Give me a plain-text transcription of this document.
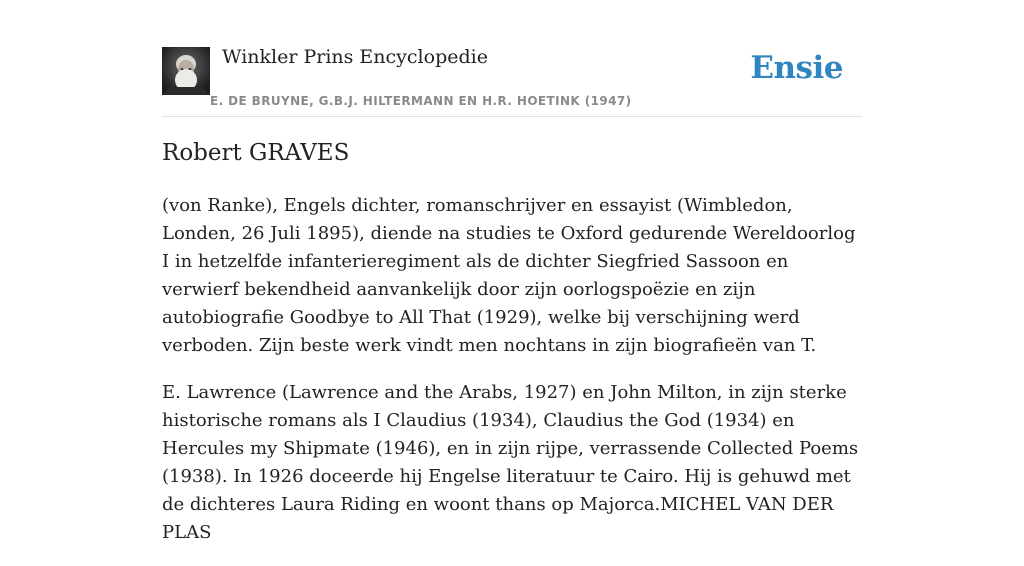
Winkler Prins Encyclopedie
E. DE BRUYNE, G.B.J. HILTERMANN EN H.R. HOETINK (1947)
Ensie
Robert GRAVES

(von Ranke), Engels dichter, romanschrijver en essayist (Wimbledon, Londen, 26 Juli 1895), diende na studies te Oxford gedurende Wereldoorlog I in hetzelfde infanterieregiment als de dichter Siegfried Sassoon en verwierf bekendheid aanvankelijk door zijn oorlogspoëzie en zijn autobiografie Goodbye to All That (1929), welke bij verschijning werd verboden. Zijn beste werk vindt men nochtans in zijn biografieën van T.

E. Lawrence (Lawrence and the Arabs, 1927) en John Milton, in zijn sterke historische romans als I Claudius (1934), Claudius the God (1934) en Hercules my Shipmate (1946), en in zijn rijpe, verrassende Collected Poems (1938). In 1926 doceerde hij Engelse literatuur te Cairo. Hij is gehuwd met de dichteres Laura Riding en woont thans op Majorca.MICHEL VAN DER PLAS
